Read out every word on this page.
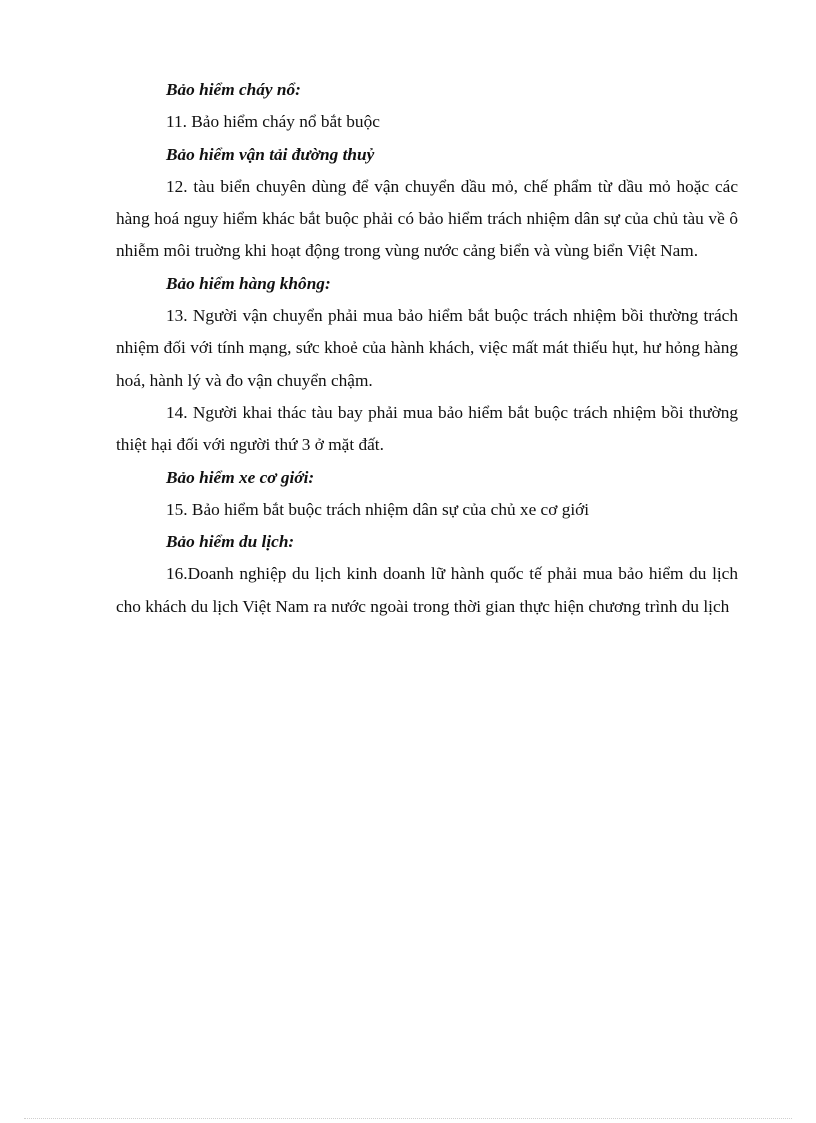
Bảo hiểm cháy nổ:

11. Bảo hiểm cháy nổ bắt buộc

Bảo hiểm vận tải đường thuỷ

12. tàu biển chuyên dùng để vận chuyển dầu mỏ, chế phẩm từ dầu mỏ hoặc các hàng hoá nguy hiểm khác bắt buộc phải có bảo hiểm trách nhiệm dân sự của chủ tàu về ô nhiễm môi truờng khi hoạt động trong vùng nước cảng biển và vùng biển Việt Nam.

Bảo hiểm hàng không:

13. Người vận chuyển phải mua bảo hiểm bắt buộc trách nhiệm bồi thường trách nhiệm đối với tính mạng, sức khoẻ của hành khách, việc mất mát thiếu hụt, hư hỏng hàng hoá, hành lý và đo vận chuyển chậm.

14. Người khai thác tàu bay phải mua bảo hiểm bắt buộc trách nhiệm bồi thường thiệt hại đối với người thứ 3 ở mặt đất.

Bảo hiểm xe cơ giới:

15. Bảo hiểm bắt buộc trách nhiệm dân sự của chủ xe cơ giới

Bảo hiểm du lịch:

16.Doanh nghiệp du lịch kinh doanh lữ hành quốc tế phải mua bảo hiểm du lịch cho khách du lịch Việt Nam ra nước ngoài trong thời gian thực hiện chương trình du lịch
